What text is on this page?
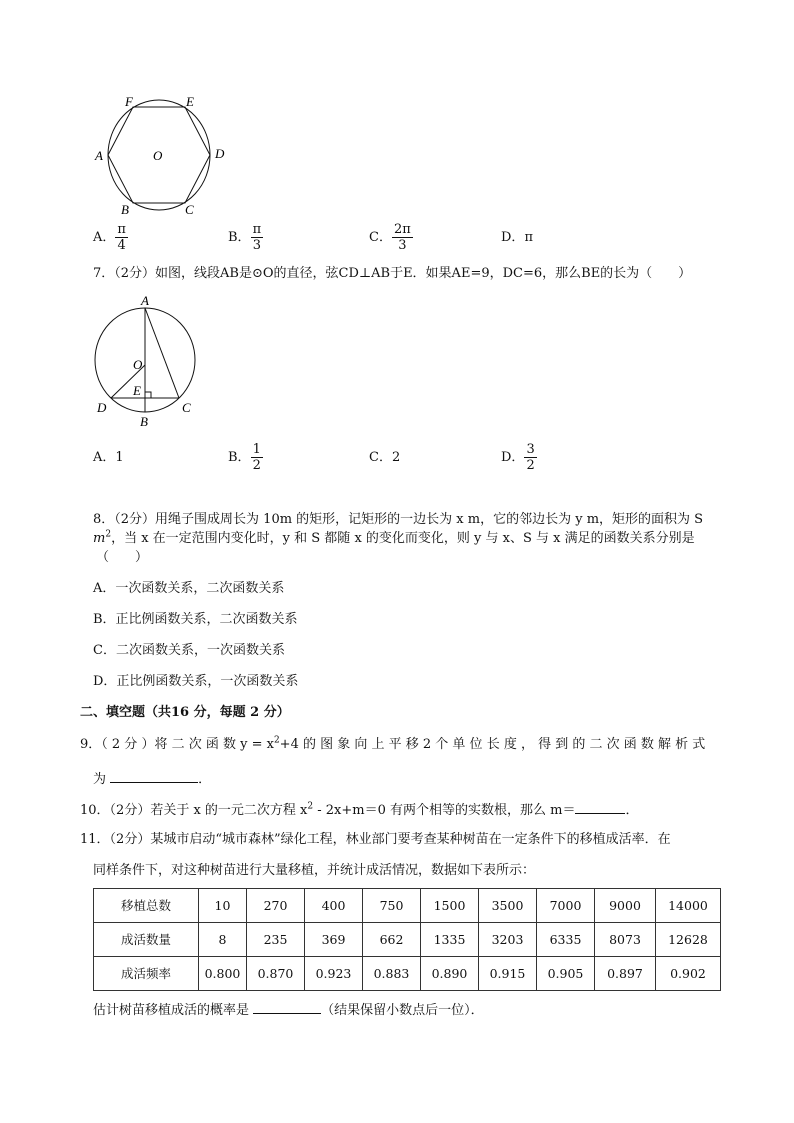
F	E
A	D
O
B	C
A． $\frac{\pi}{4}$	B． $\frac{\pi}{3}$	C． $\frac{2\pi}{3}$	D．π
7．（2分）如图，线段AB是⊙O的直径，弦CD⊥AB于E．如果AE=9，DC=6，那么BE的长为（　　）
A
O
E
D	C
B
A．1	B． $\frac{1}{2}$	C．2	D． $\frac{3}{2}$
8．（2分）用绳子围成周长为 10m 的矩形，记矩形的一边长为 x m，它的邻边长为 y m，矩形的面积为 S
$m^2$，当 x 在一定范围内变化时，y 和 S 都随 x 的变化而变化，则 y 与 x、S 与 x 满足的函数关系分别是
（　　）
A．一次函数关系，二次函数关系
B．正比例函数关系，二次函数关系
C．二次函数关系，一次函数关系
D．正比例函数关系，一次函数关系
二、填空题（共16 分，每题 2 分）
9．（ 2 分 ）将 二 次 函 数 $y = x^2+4$ 的 图 象 向 上 平 移 2 个 单 位 长 度 ， 得 到 的 二 次 函 数 解 析 式
为	．
10．（2分）若关于 x 的一元二次方程 $x^2 - 2x+m=0$ 有两个相等的实数根，那么 m＝	．
11．（2分）某城市启动“城市森林”绿化工程，林业部门要考查某种树苗在一定条件下的移植成活率．在
同样条件下，对这种树苗进行大量移植，并统计成活情况，数据如下表所示：
移植总数	10	270	400	750	1500	3500	7000	9000	14000
成活数量	8	235	369	662	1335	3203	6335	8073	12628
成活频率	0.800	0.870	0.923	0.883	0.890	0.915	0.905	0.897	0.902
估计树苗移植成活的概率是	（结果保留小数点后一位）．
